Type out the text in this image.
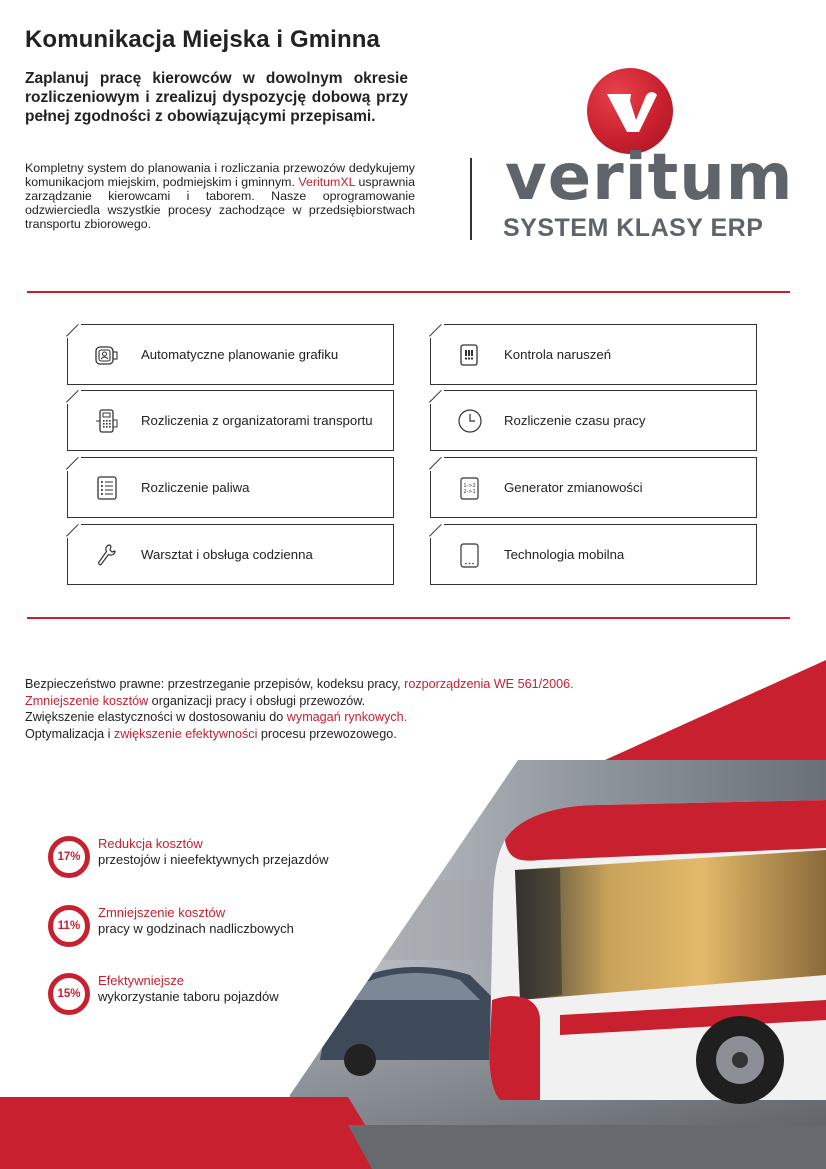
Komunikacja Miejska i Gminna
Zaplanuj pracę kierowców w dowolnym okresie rozliczeniowym i zrealizuj dyspozycję dobową przy pełnej zgodności z obowiązującymi przepisami.
Kompletny system do planowania i rozliczania przewozów dedykujemy komunikacjom miejskim, podmiejskim i gminnym. VeritumXL usprawnia zarządzanie kierowcami i taborem. Nasze oprogramowanie odzwierciedla wszystkie procesy zachodzące w przedsiębiorstwach transportu zbiorowego.
veritum
SYSTEM KLASY ERP
Automatyczne planowanie grafiku	Kontrola naruszeń
Rozliczenia z organizatorami transportu	Rozliczenie czasu pracy
Rozliczenie paliwa	1->2
2->1 Generator zmianowości
Warsztat i obsługa codzienna	Technologia mobilna
Bezpieczeństwo prawne: przestrzeganie przepisów, kodeksu pracy, rozporządzenia WE 561/2006.
Zmniejszenie kosztów organizacji pracy i obsługi przewozów.
Zwiększenie elastyczności w dostosowaniu do wymagań rynkowych.
Optymalizacja i zwiększenie efektywności procesu przewozowego.
17%
Redukcja kosztów
przestojów i nieefektywnych przejazdów
11%
Zmniejszenie kosztów
pracy w godzinach nadliczbowych
15%
Efektywniejsze
wykorzystanie taboru pojazdów
